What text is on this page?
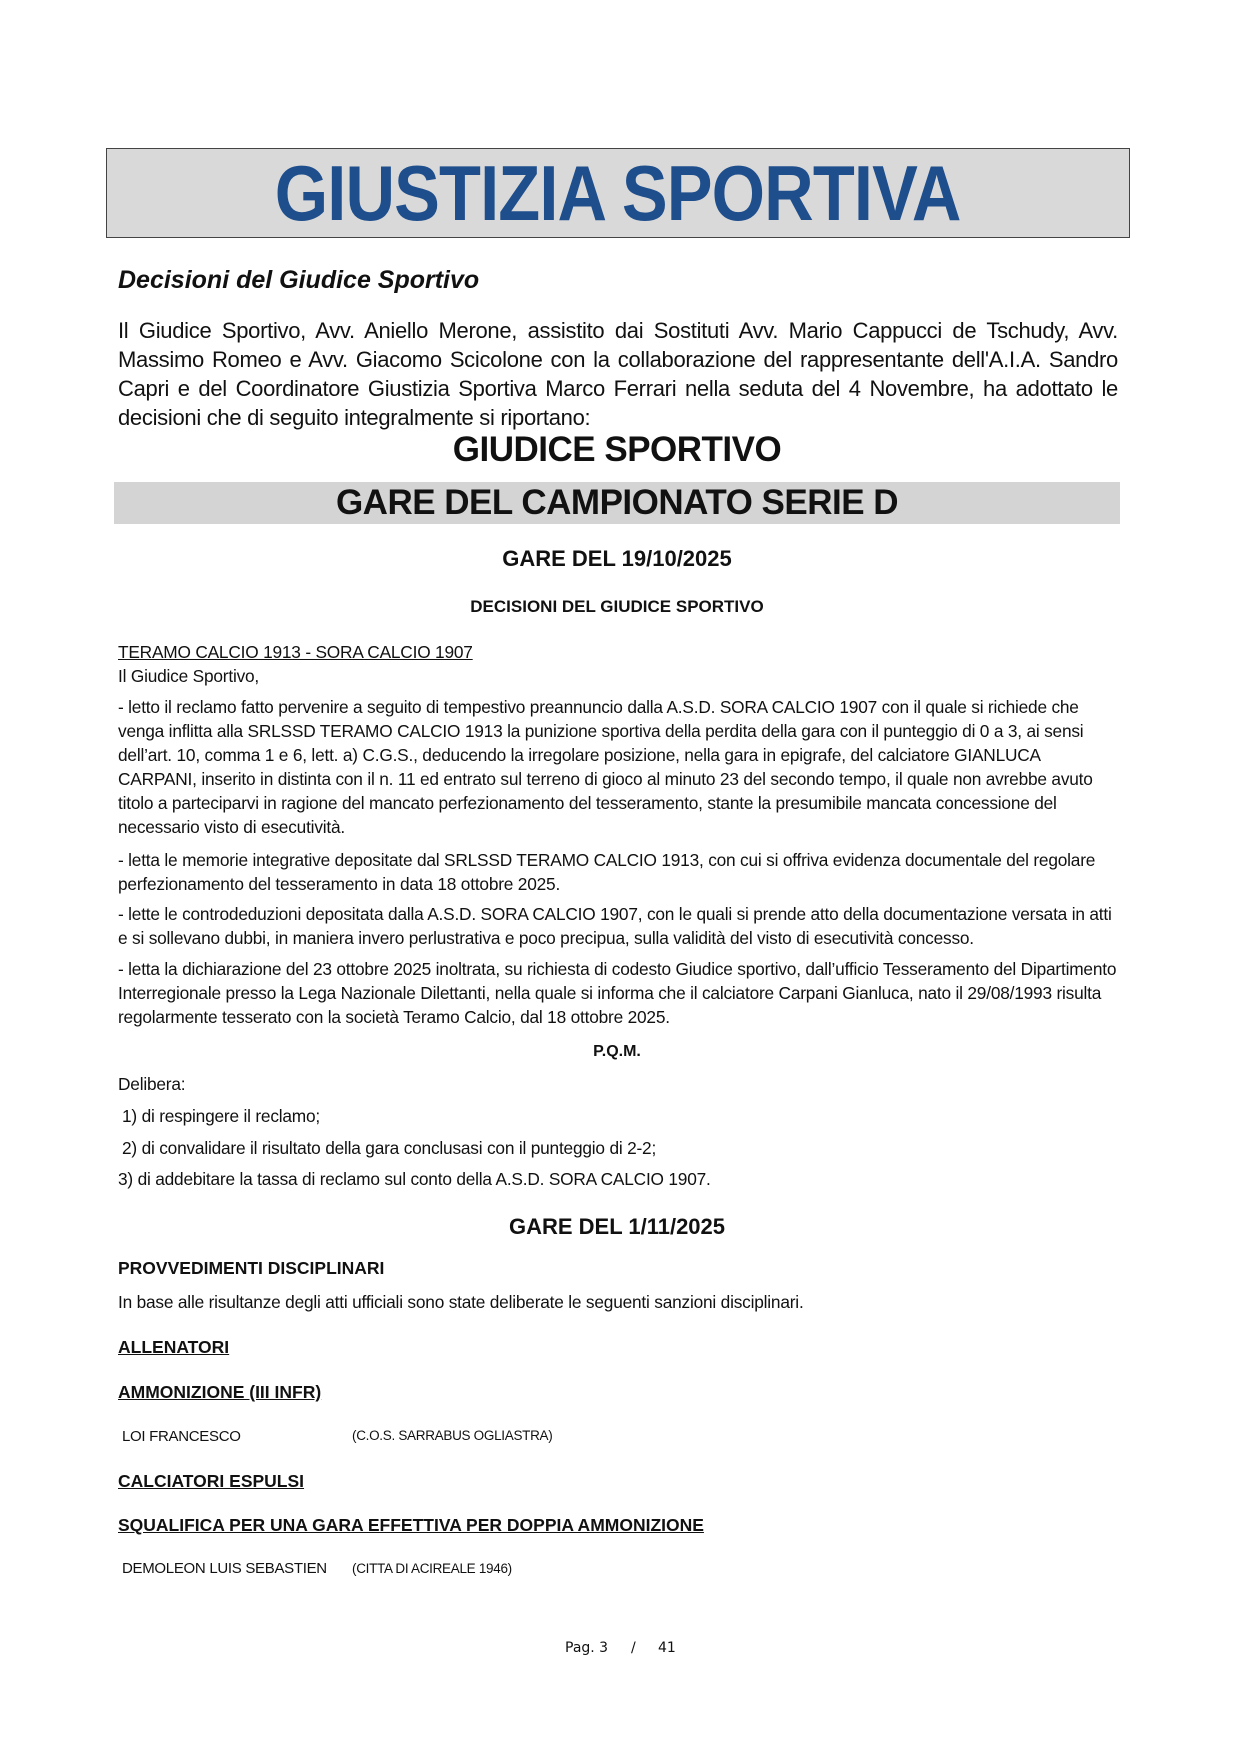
GIUSTIZIA SPORTIVA
Decisioni del Giudice Sportivo
Il Giudice Sportivo, Avv. Aniello Merone, assistito dai Sostituti Avv. Mario Cappucci de Tschudy, Avv. Massimo Romeo e Avv. Giacomo Scicolone con la collaborazione del rappresentante dell'A.I.A. Sandro Capri e del Coordinatore Giustizia Sportiva Marco Ferrari nella seduta del 4 Novembre, ha adottato le decisioni che di seguito integralmente si riportano:
GIUDICE SPORTIVO
GARE DEL CAMPIONATO SERIE D
GARE DEL 19/10/2025
DECISIONI DEL GIUDICE SPORTIVO
TERAMO CALCIO 1913 - SORA CALCIO 1907
Il Giudice Sportivo,
- letto il reclamo fatto pervenire a seguito di tempestivo preannuncio dalla A.S.D. SORA CALCIO 1907 con il quale si richiede che venga inflitta alla SRLSSD TERAMO CALCIO 1913 la punizione sportiva della perdita della gara con il punteggio di 0 a 3, ai sensi dell’art. 10, comma 1 e 6, lett. a) C.G.S., deducendo la irregolare posizione, nella gara in epigrafe, del calciatore GIANLUCA CARPANI, inserito in distinta con il n. 11 ed entrato sul terreno di gioco al minuto 23 del secondo tempo, il quale non avrebbe avuto titolo a parteciparvi in ragione del mancato perfezionamento del tesseramento, stante la presumibile mancata concessione del necessario visto di esecutività.
- letta le memorie integrative depositate dal SRLSSD TERAMO CALCIO 1913, con cui si offriva evidenza documentale del regolare perfezionamento del tesseramento in data 18 ottobre 2025.
- lette le controdeduzioni depositata dalla A.S.D. SORA CALCIO 1907, con le quali si prende atto della documentazione versata in atti e si sollevano dubbi, in maniera invero perlustrativa e poco precipua, sulla validità del visto di esecutività concesso.
- letta la dichiarazione del 23 ottobre 2025 inoltrata, su richiesta di codesto Giudice sportivo, dall’ufficio Tesseramento del Dipartimento Interregionale presso la Lega Nazionale Dilettanti, nella quale si informa che il calciatore Carpani Gianluca, nato il 29/08/1993 risulta regolarmente tesserato con la società Teramo Calcio, dal 18 ottobre 2025.
P.Q.M.
Delibera:
1) di respingere il reclamo;
2) di convalidare il risultato della gara conclusasi con il punteggio di 2-2;
3) di addebitare la tassa di reclamo sul conto della A.S.D. SORA CALCIO 1907.
GARE DEL 1/11/2025
PROVVEDIMENTI DISCIPLINARI
In base alle risultanze degli atti ufficiali sono state deliberate le seguenti sanzioni disciplinari.
ALLENATORI
AMMONIZIONE (III INFR)
LOI FRANCESCO	(C.O.S. SARRABUS OGLIASTRA)
CALCIATORI ESPULSI
SQUALIFICA PER UNA GARA EFFETTIVA PER DOPPIA AMMONIZIONE
DEMOLEON LUIS SEBASTIEN (CITTA DI ACIREALE 1946)
Pag. 3 / 41
